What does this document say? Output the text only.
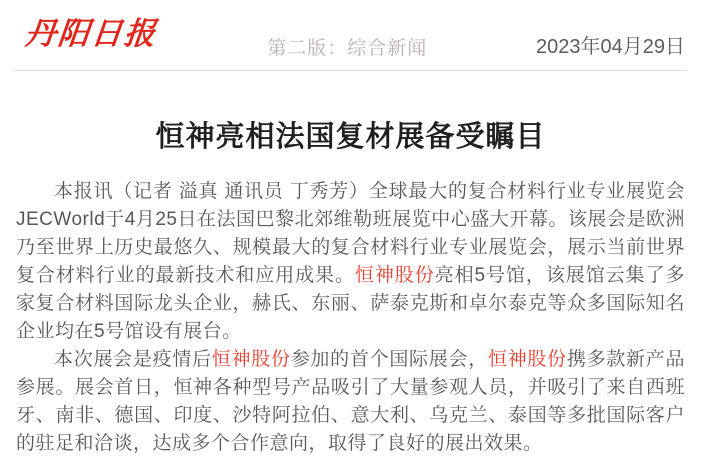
丹阳日报	第二版：综合新闻	2023年04月29日
恒神亮相法国复材展备受瞩目

本报讯（记者 溢真 通讯员 丁秀芳）全球最大的复合材料行业专业展览会JECWorld于4月25日在法国巴黎北郊维勒班展览中心盛大开幕。该展会是欧洲乃至世界上历史最悠久、规模最大的复合材料行业专业展览会，展示当前世界复合材料行业的最新技术和应用成果。恒神股份亮相5号馆，该展馆云集了多家复合材料国际龙头企业，赫氏、东丽、萨泰克斯和卓尔泰克等众多国际知名企业均在5号馆设有展台。

本次展会是疫情后恒神股份参加的首个国际展会，恒神股份携多款新产品参展。展会首日，恒神各种型号产品吸引了大量参观人员，并吸引了来自西班牙、南非、德国、印度、沙特阿拉伯、意大利、乌克兰、泰国等多批国际客户的驻足和洽谈，达成多个合作意向，取得了良好的展出效果。
